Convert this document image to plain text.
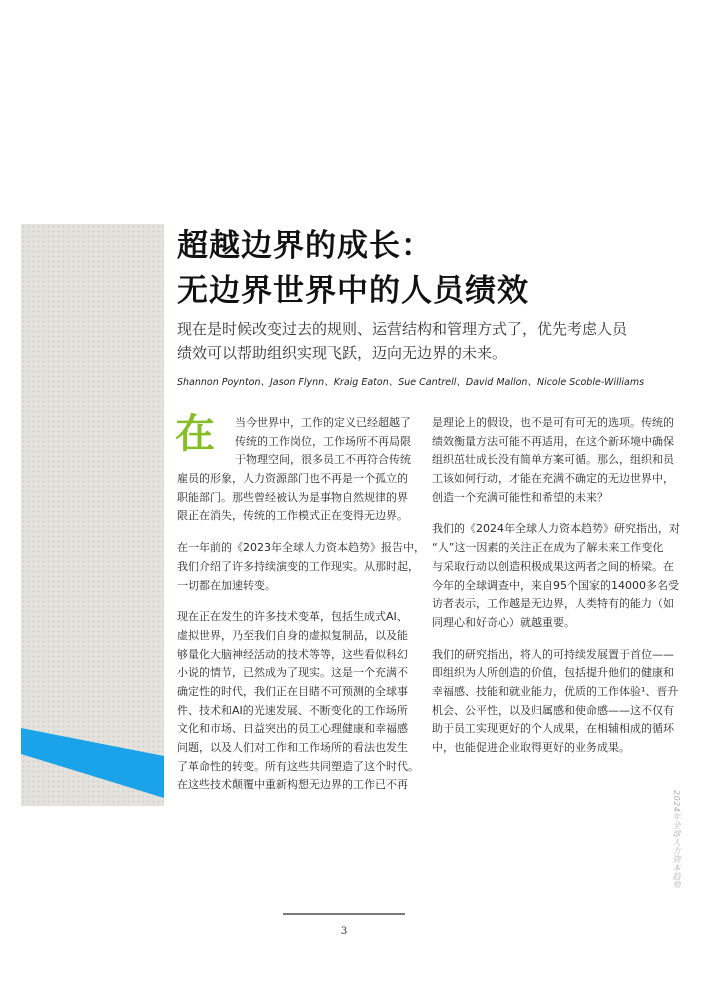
超越边界的成长：
无边界世界中的人员绩效

现在是时候改变过去的规则、运营结构和管理方式了，优先考虑人员
绩效可以帮助组织实现飞跃，迈向无边界的未来。

Shannon Poynton、Jason Flynn、Kraig Eaton、Sue Cantrell、David Mallon、Nicole Scoble-Williams

在	当今世界中，工作的定义已经超越了
传统的工作岗位，工作场所不再局限
于物理空间，很多员工不再符合传统
雇员的形象，人力资源部门也不再是一个孤立的
职能部门。那些曾经被认为是事物自然规律的界
限正在消失，传统的工作模式正在变得无边界。

在一年前的《2023年全球人力资本趋势》报告中，
我们介绍了许多持续演变的工作现实。从那时起，
一切都在加速转变。

现在正在发生的许多技术变革，包括生成式AI、
虚拟世界，乃至我们自身的虚拟复制品，以及能
够量化大脑神经活动的技术等等，这些看似科幻
小说的情节，已然成为了现实。这是一个充满不
确定性的时代，我们正在目睹不可预测的全球事
件、技术和AI的光速发展、不断变化的工作场所
文化和市场、日益突出的员工心理健康和幸福感
问题，以及人们对工作和工作场所的看法也发生
了革命性的转变。所有这些共同塑造了这个时代。
在这些技术颠覆中重新构想无边界的工作已不再

是理论上的假设，也不是可有可无的选项。传统的
绩效衡量方法可能不再适用，在这个新环境中确保
组织茁壮成长没有简单方案可循。那么，组织和员
工该如何行动，才能在充满不确定的无边世界中，
创造一个充满可能性和希望的未来？

我们的《2024年全球人力资本趋势》研究指出，对
“人”这一因素的关注正在成为了解未来工作变化
与采取行动以创造积极成果这两者之间的桥梁。在
今年的全球调查中，来自95个国家的14000多名受
访者表示，工作越是无边界，人类特有的能力（如
同理心和好奇心）就越重要。

我们的研究指出，将人的可持续发展置于首位——
即组织为人所创造的价值，包括提升他们的健康和
幸福感、技能和就业能力，优质的工作体验¹、晋升
机会、公平性，以及归属感和使命感——这不仅有
助于员工实现更好的个人成果，在相辅相成的循环
中，也能促进企业取得更好的业务成果。

2024年全球人力资本趋势
3
